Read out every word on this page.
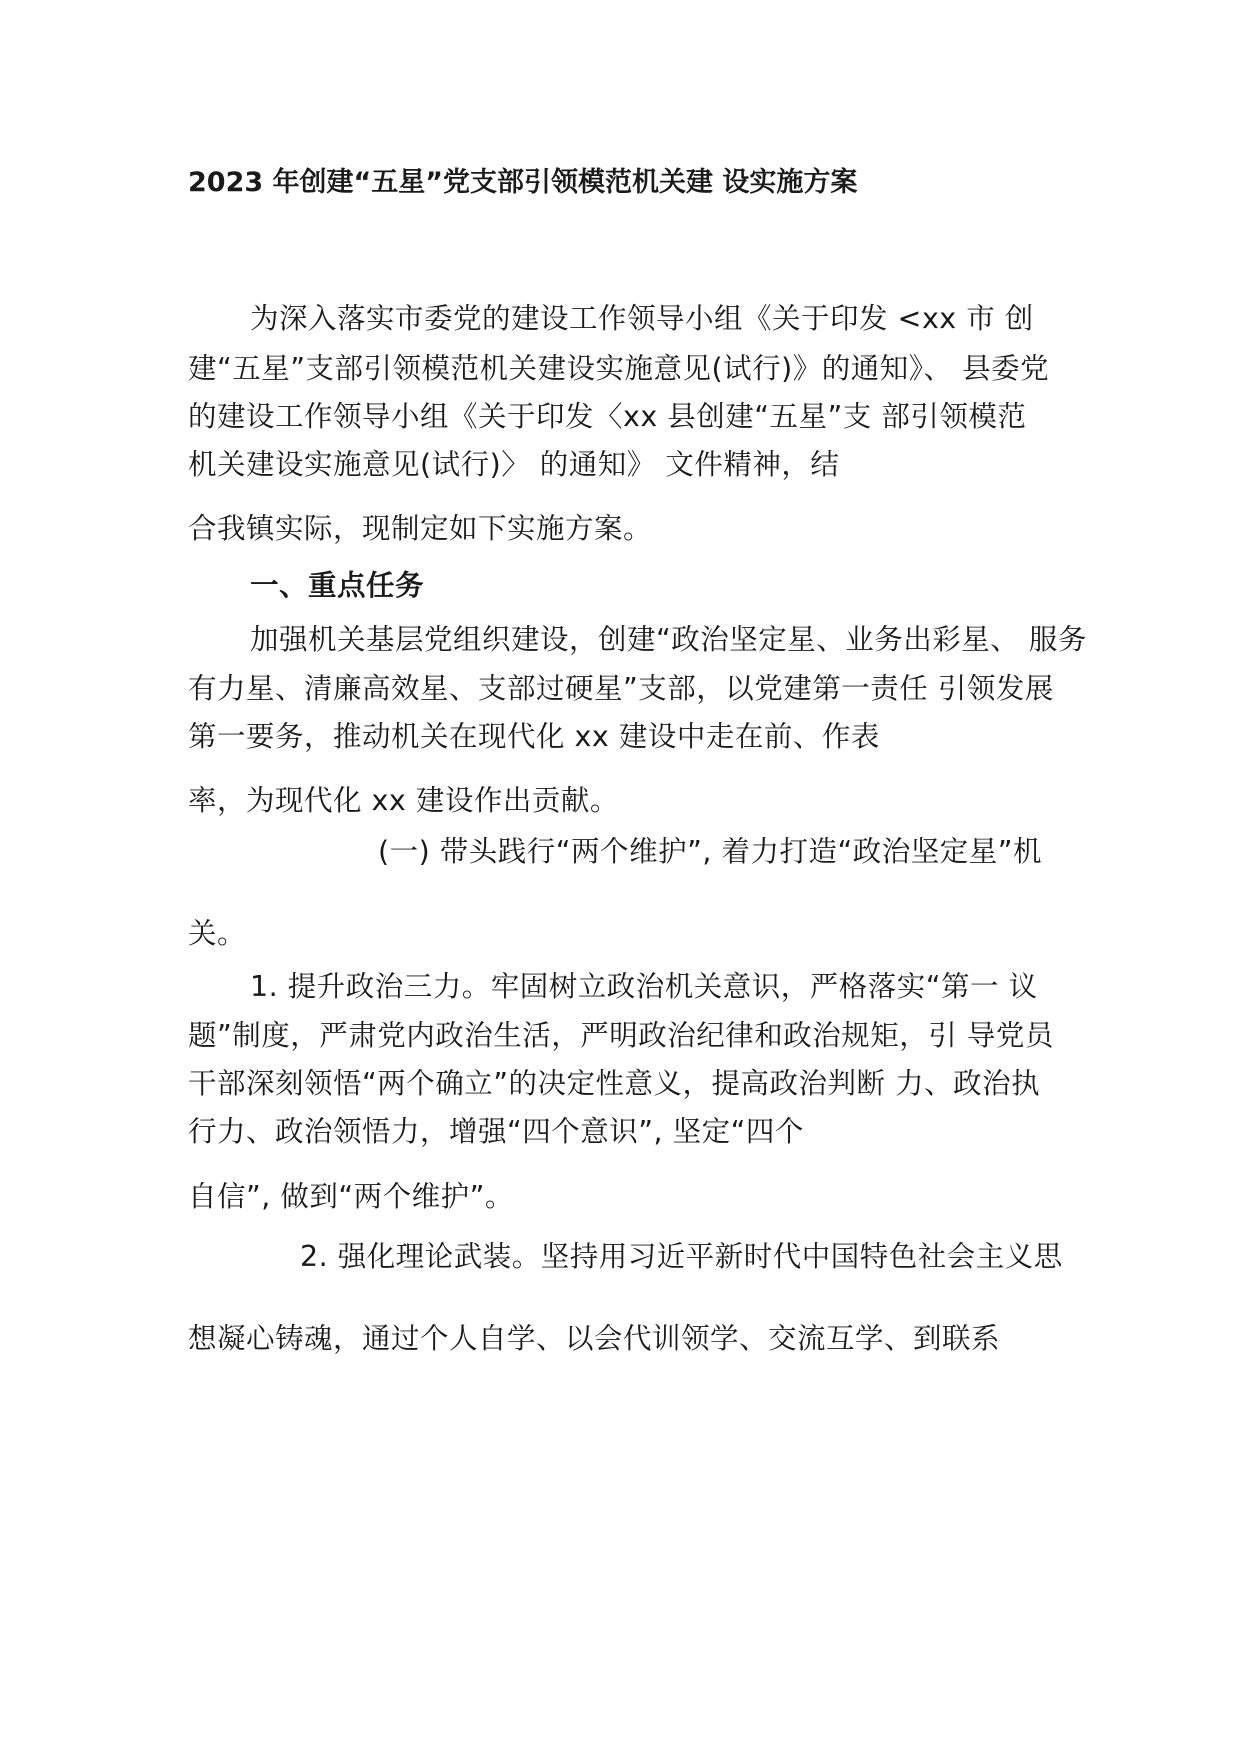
2023 年创建“五星”党支部引领模范机关建 设实施方案
为深入落实市委党的建设工作领导小组《关于印发 <xx 市 创
建“五星”支部引领模范机关建设实施意见(试行)》的通知》、 县委党
的建设工作领导小组《关于印发〈xx 县创建“五星”支 部引领模范
机关建设实施意见(试行)〉 的通知》 文件精神，结
合我镇实际，现制定如下实施方案。
一、重点任务
加强机关基层党组织建设，创建“政治坚定星、业务出彩星、 服务
有力星、清廉高效星、支部过硬星”支部，以党建第一责任 引领发展
第一要务，推动机关在现代化 xx 建设中走在前、作表
率，为现代化 xx 建设作出贡献。
(一) 带头践行“两个维护”, 着力打造“政治坚定星”机
关。
1. 提升政治三力。牢固树立政治机关意识，严格落实“第一 议
题”制度，严肃党内政治生活，严明政治纪律和政治规矩，引 导党员
干部深刻领悟“两个确立”的决定性意义，提高政治判断 力、政治执
行力、政治领悟力，增强“四个意识”, 坚定“四个
自信”, 做到“两个维护”。
2. 强化理论武装。坚持用习近平新时代中国特色社会主义思
想凝心铸魂，通过个人自学、以会代训领学、交流互学、到联系
